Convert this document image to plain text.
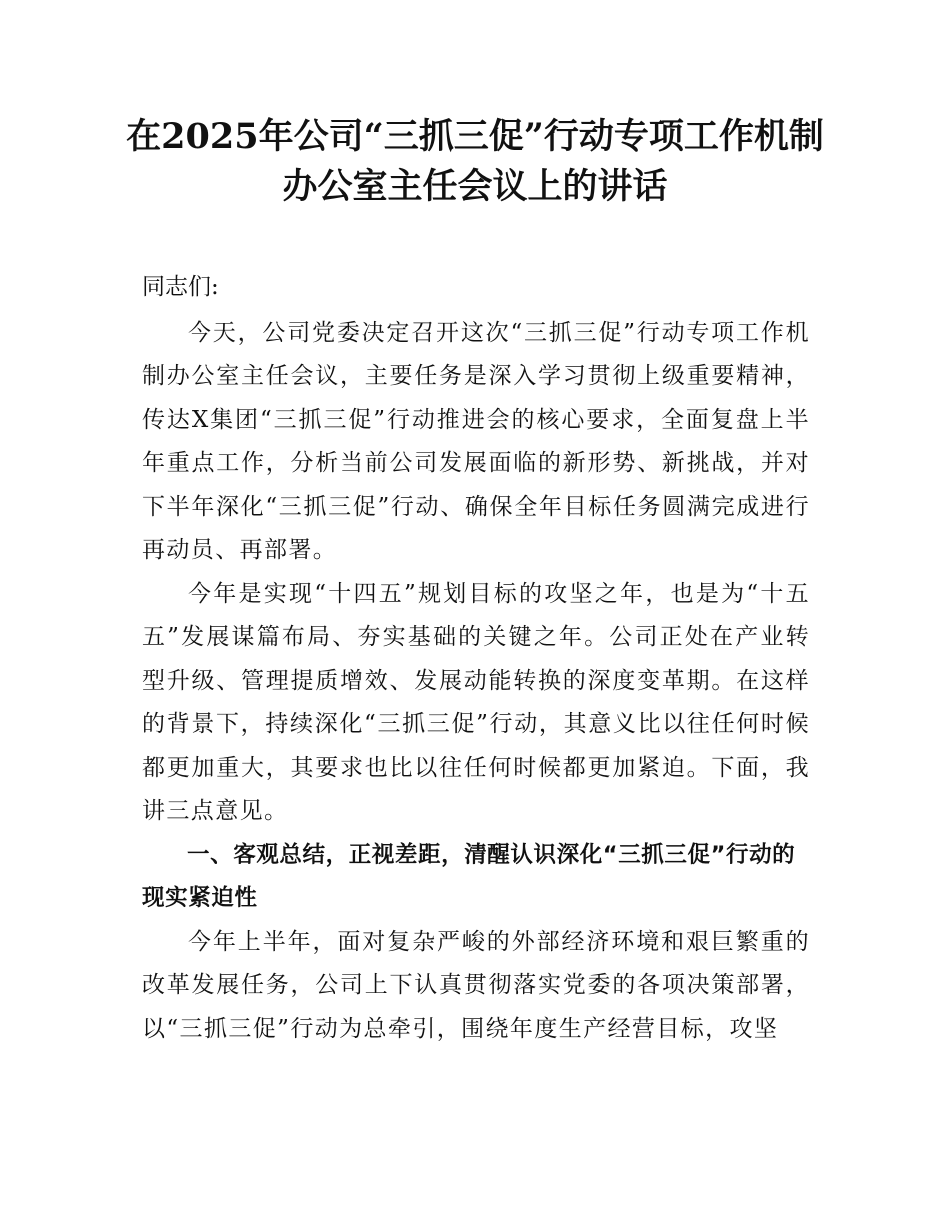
在2025年公司“三抓三促”行动专项工作机制办公室主任会议上的讲话

同志们:

今天，公司党委决定召开这次“三抓三促”行动专项工作机制办公室主任会议，主要任务是深入学习贯彻上级重要精神，传达X集团“三抓三促”行动推进会的核心要求，全面复盘上半年重点工作，分析当前公司发展面临的新形势、新挑战，并对下半年深化“三抓三促”行动、确保全年目标任务圆满完成进行再动员、再部署。

今年是实现“十四五”规划目标的攻坚之年，也是为“十五五”发展谋篇布局、夯实基础的关键之年。公司正处在产业转型升级、管理提质增效、发展动能转换的深度变革期。在这样的背景下，持续深化“三抓三促”行动，其意义比以往任何时候都更加重大，其要求也比以往任何时候都更加紧迫。下面，我讲三点意见。

一、客观总结，正视差距，清醒认识深化“三抓三促”行动的现实紧迫性

今年上半年，面对复杂严峻的外部经济环境和艰巨繁重的改革发展任务，公司上下认真贯彻落实党委的各项决策部署，以“三抓三促”行动为总牵引，围绕年度生产经营目标，攻坚
